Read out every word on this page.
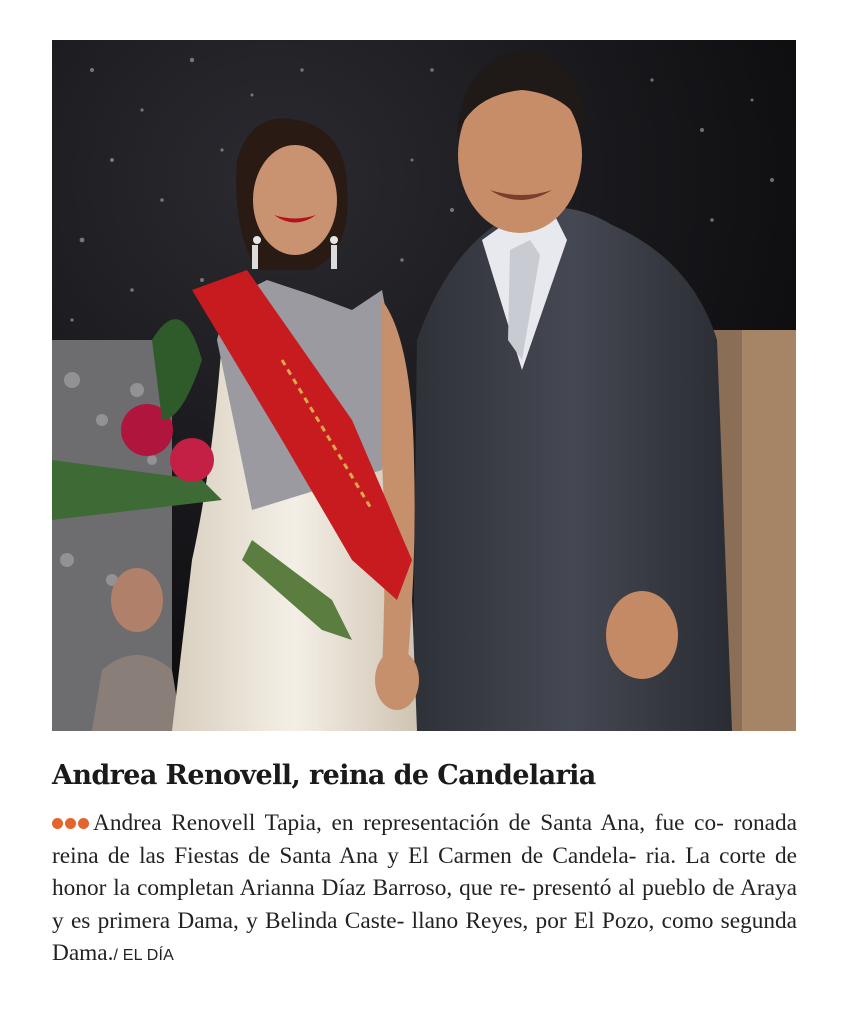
Andrea Renovell, reina de Candelaria

Andrea Renovell Tapia, en representación de Santa Ana, fue co- ronada reina de las Fiestas de Santa Ana y El Carmen de Candela- ria. La corte de honor la completan Arianna Díaz Barroso, que re- presentó al pueblo de Araya y es primera Dama, y Belinda Caste- llano Reyes, por El Pozo, como segunda Dama./ EL DÍA
